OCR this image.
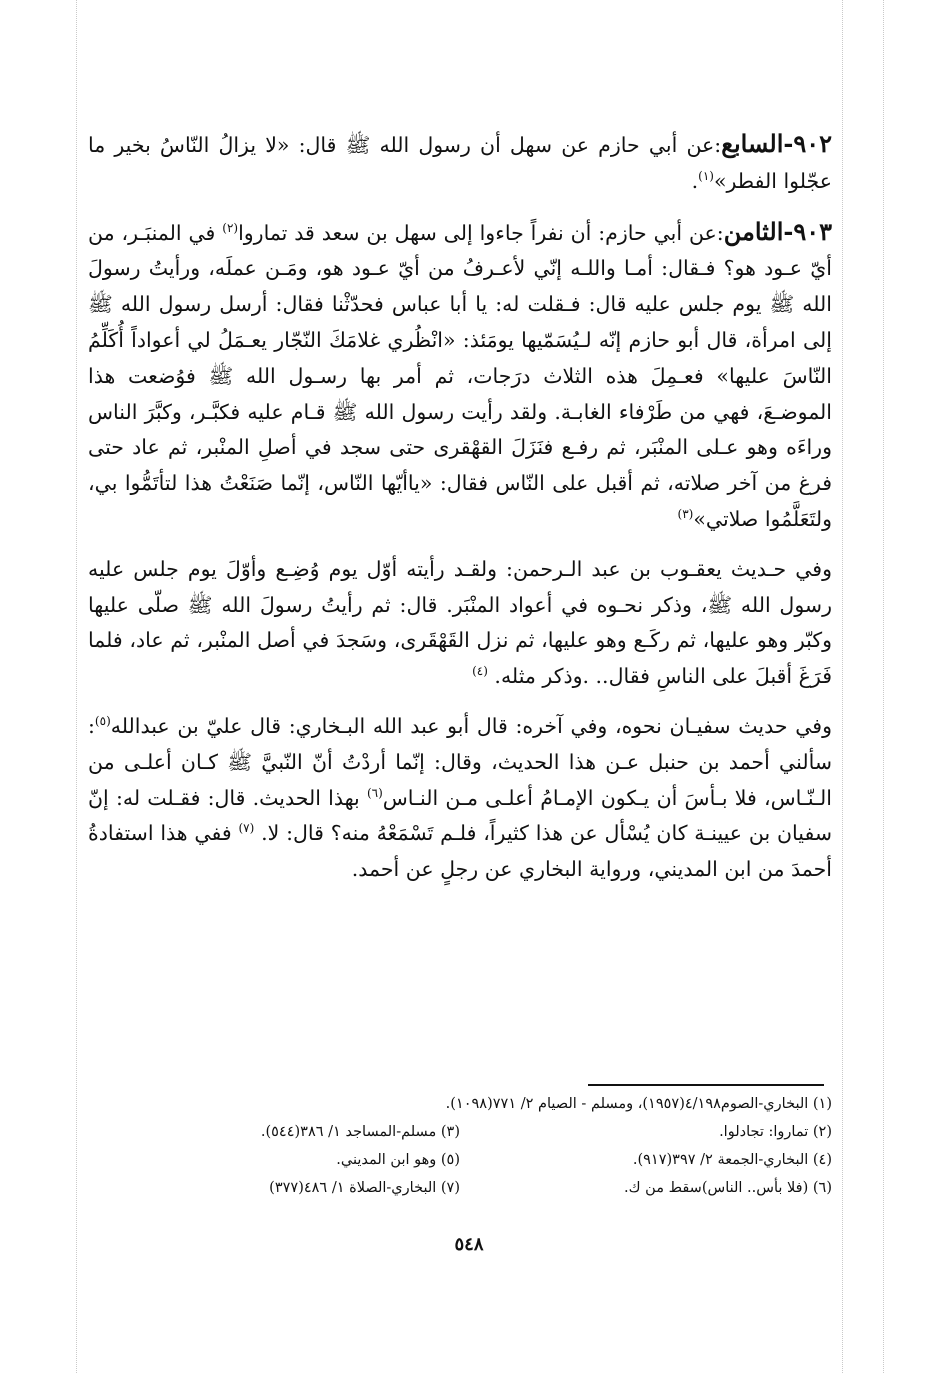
٩٠٢-السابع:عن أبي حازم عن سهل أن رسول الله ﷺ قال: «لا يزالُ النّاسُ بخير ما عجّلوا الفطر»$^{(١)}$.

٩٠٣-الثامن:عن أبي حازم: أن نفراً جاءوا إلى سهل بن سعد قد تماروا$^{(٢)}$ في المنبَـر، من أيّ عـود هو؟ فـقال: أمـا واللـه إنّي لأعـرفُ من أيّ عـود هو، ومَـن عملَه، ورأيتُ رسولَ الله ﷺ يوم جلس عليه قال: فـقلت له: يا أبا عباس فحدّثْنا فقال: أرسل رسول الله ﷺ إلى امرأة، قال أبو حازم إنّه لـيُسَمّيها يومَئذ: «انْظُري غلامَكَ النّجّار يعـمَلُ لي أعواداً أُكَلِّمُ النّاسَ عليها» فعـمِلَ هذه الثلاث درَجات، ثم أمر بها رسـول الله ﷺ فوُضعت هذا الموضـعَ، فهي من طَرْفاء الغابـة. ولقد رأيت رسول الله ﷺ قـام عليه فكبَّـر، وكبَّرَ الناس وراءَه وهو عـلى المنْبَر، ثم رفـع فنَزَلَ القهْقرى حتى سجد في أصلِ المنْبر، ثم عاد حتى فرغ من آخر صلاته، ثم أقبل على النّاس فقال: «ياأيّها النّاس، إنّما صَنَعْتُ هذا لتأتَمُّوا بي، ولتَعَلَّمُوا صلاتي»$^{(٣)}$

وفي حـديث يعقـوب بن عبد الـرحمن: ولقـد رأيته أوّل يوم وُضِـع وأوّلَ يوم جلس عليه رسول الله ﷺ، وذكر نحـوه في أعواد المنْبَر. قال: ثم رأيتُ رسولَ الله ﷺ صلّى عليها وكبّر وهو عليها، ثم ركَـع وهو عليها، ثم نزل القَهْقَرى، وسَجدَ في أصل المنْبر، ثم عاد، فلما فَرَغَ أقبلَ على الناسِ فقال.. .وذكر مثله. $^{(٤)}$

وفي حديث سفيـان نحوه، وفي آخره: قال أبو عبد الله البـخاري: قال عليّ بن عبدالله$^{(٥)}$: سألني أحمد بن حنبل عـن هذا الحديث، وقال: إنّما أردْتُ أنّ النّبيَّ ﷺ كـان أعلـى من الـنّـاس، فلا بـأسَ أن يـكون الإمـامُ أعلـى مـن النـاس$^{(٦)}$ بهذا الحديث. قال: فقـلت له: إنّ سفيان بن عيينـة كان يُسْأل عن هذا كثيراً، فلـم تَسْمَعْهُ منه؟ قال: لا. $^{(٧)}$ ففي هذا استفادةُ أحمدَ من ابن المديني، ورواية البخاري عن رجلٍ عن أحمد.

(١) البخاري-الصوم٤/١٩٨(١٩٥٧)، ومسلم - الصيام ٢/ ٧٧١(١٠٩٨).
(٢) تماروا: تجادلوا.
(٣) مسلم-المساجد ١/ ٣٨٦(٥٤٤).
(٤) البخاري-الجمعة ٢/ ٣٩٧(٩١٧).
(٥) وهو ابن المديني.
(٦) (فلا بأس.. الناس)سقط من ك.
(٧) البخاري-الصلاة ١/ ٤٨٦(٣٧٧)
٥٤٨
